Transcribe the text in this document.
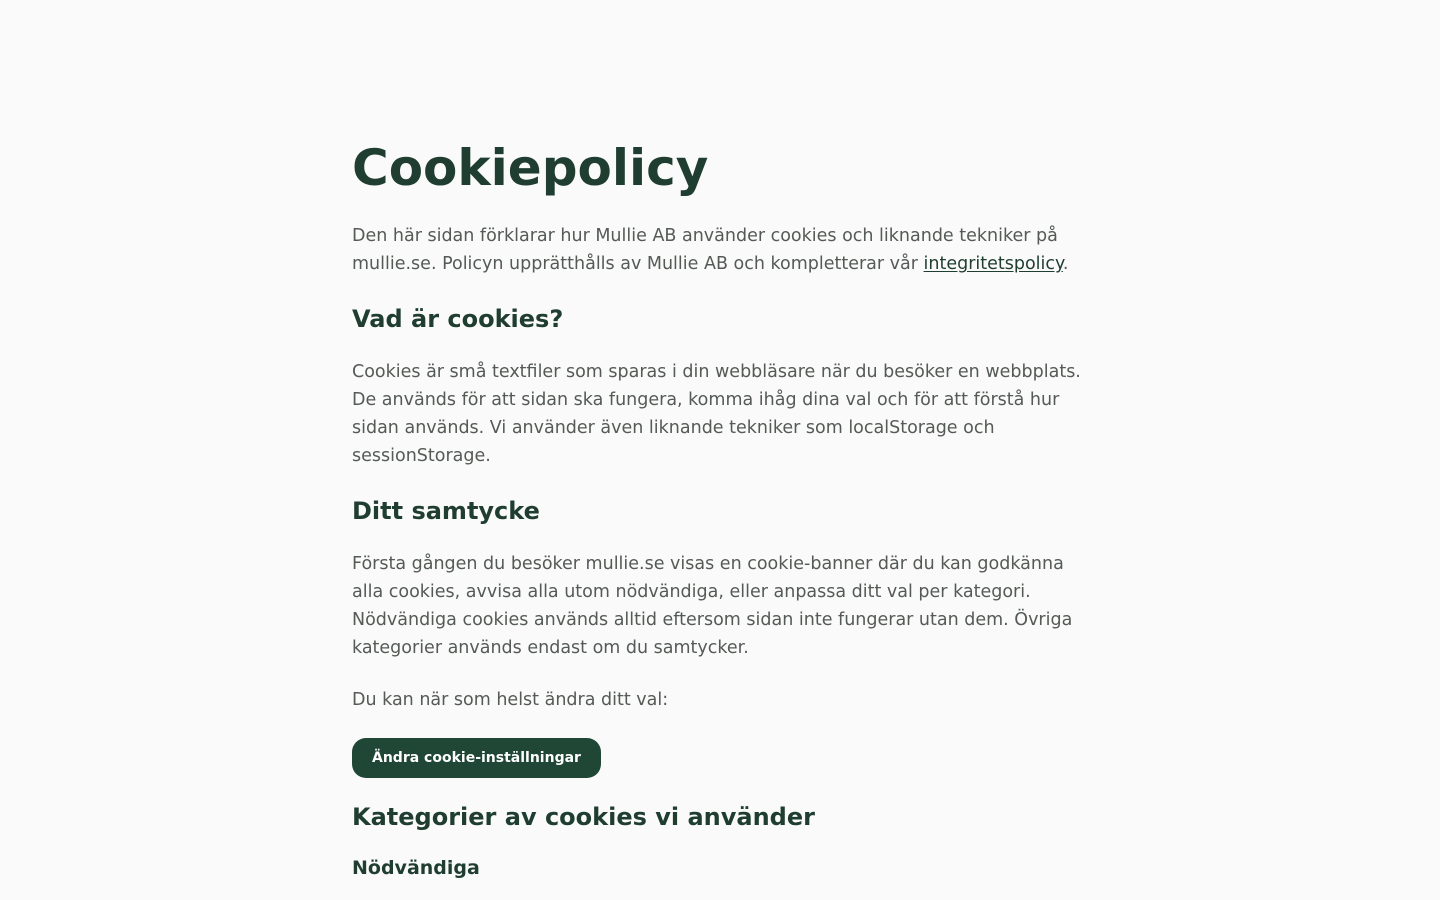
Cookiepolicy

Den här sidan förklarar hur Mullie AB använder cookies och liknande tekniker på mullie.se. Policyn upprätthålls av Mullie AB och kompletterar vår integritetspolicy.

Vad är cookies?

Cookies är små textfiler som sparas i din webbläsare när du besöker en webbplats. De används för att sidan ska fungera, komma ihåg dina val och för att förstå hur sidan används. Vi använder även liknande tekniker som localStorage och sessionStorage.

Ditt samtycke

Första gången du besöker mullie.se visas en cookie-banner där du kan godkänna alla cookies, avvisa alla utom nödvändiga, eller anpassa ditt val per kategori. Nödvändiga cookies används alltid eftersom sidan inte fungerar utan dem. Övriga kategorier används endast om du samtycker.

Du kan när som helst ändra ditt val:

Ändra cookie-inställningar
Kategorier av cookies vi använder
Nödvändiga
